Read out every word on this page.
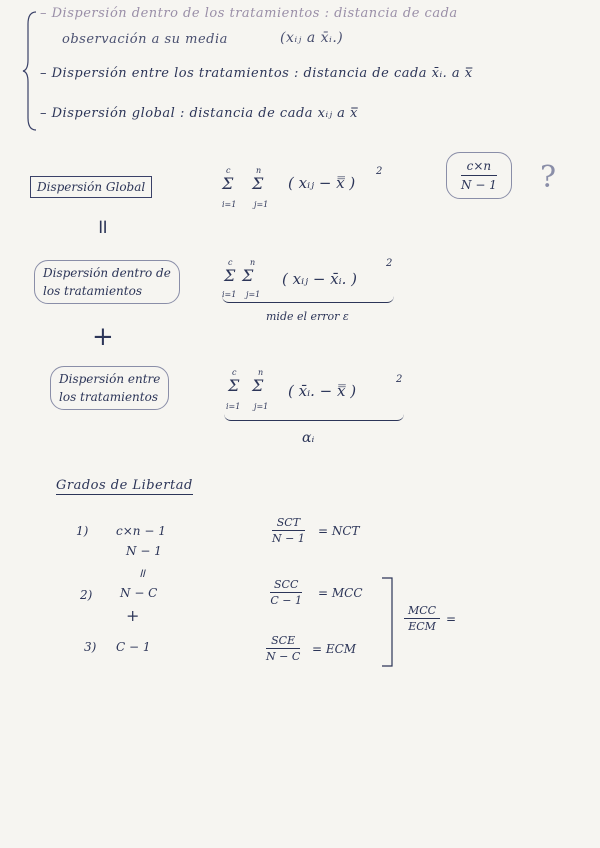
– Dispersión dentro de los tratamientos : distancia de cada
observación a su media	(xᵢⱼ a x̄ᵢ.)
– Dispersión entre los tratamientos : distancia de cada x̄ᵢ. a x̿
– Dispersión global : distancia de cada xᵢⱼ a x̿
Dispersión Global
c	n
Σ Σ
i=1 j=1
( xᵢⱼ − x̿ )
2	$\frac{c\times n}{N - 1}$ ?
॥
Dispersión dentro de
los tratamientos
c n
Σ Σ
i=1 j=1
( xᵢⱼ − x̄ᵢ. )
2
mide el error ε
+
Dispersión entre
los tratamientos
c	n
Σ Σ
i=1 j=1
( x̄ᵢ. − x̿ )
2
αᵢ
Grados de Libertad
1) c×n − 1
N − 1
॥
2) N − C
+
3) C − 1
SCT
N − 1
= NCT
SCC
C − 1
= MCC
SCE
N − C
= ECM
MCC
ECM
=
